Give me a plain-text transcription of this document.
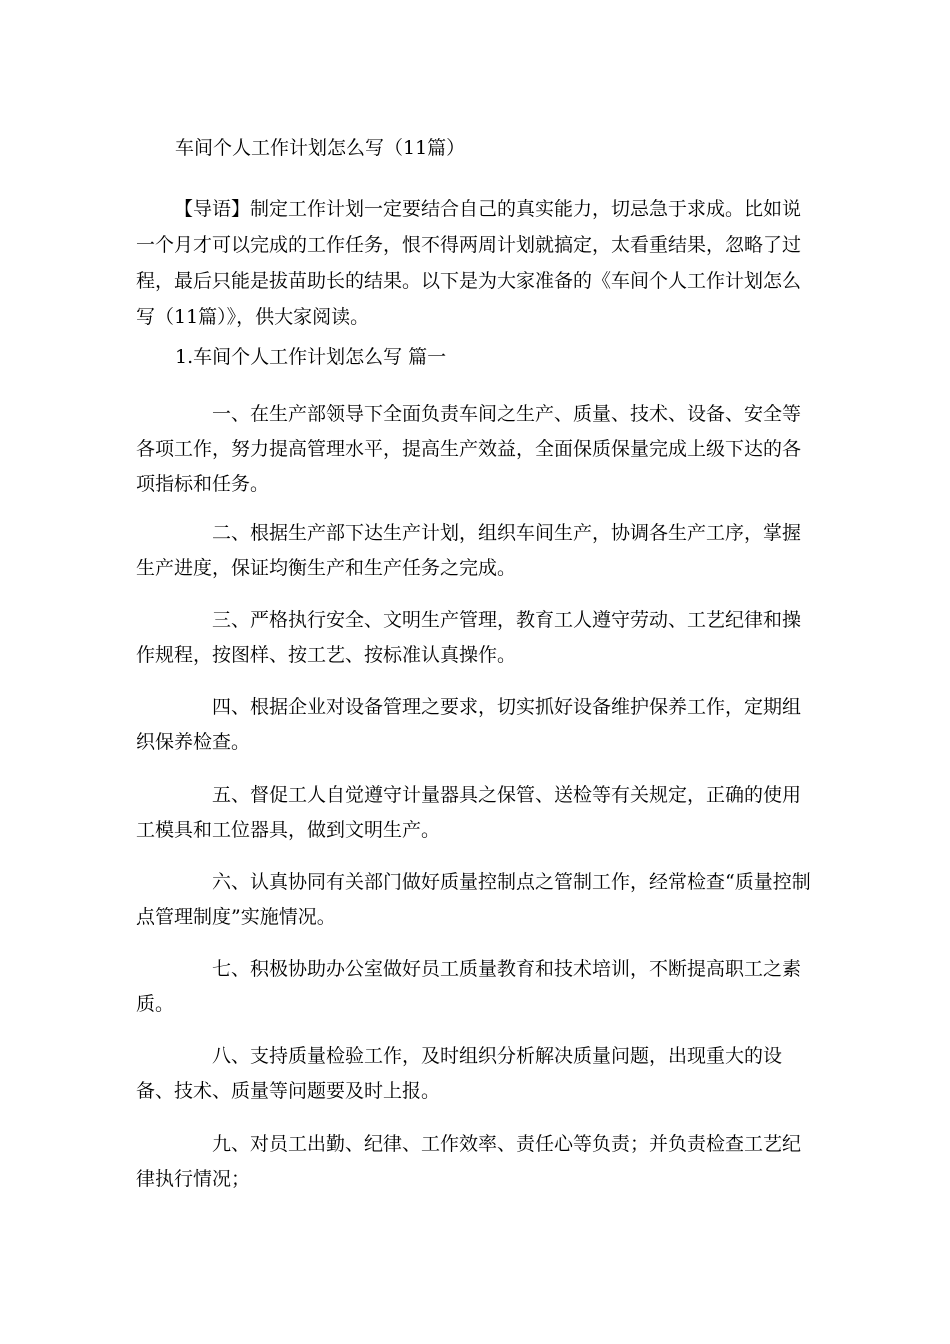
车间个人工作计划怎么写（11篇）

【导语】制定工作计划一定要结合自己的真实能力，切忌急于求成。比如说一个月才可以完成的工作任务，恨不得两周计划就搞定，太看重结果，忽略了过程，最后只能是拔苗助长的结果。以下是为大家准备的《车间个人工作计划怎么写（11篇）》，供大家阅读。

1.车间个人工作计划怎么写 篇一

一、在生产部领导下全面负责车间之生产、质量、技术、设备、安全等各项工作，努力提高管理水平，提高生产效益，全面保质保量完成上级下达的各项指标和任务。

二、根据生产部下达生产计划，组织车间生产，协调各生产工序，掌握生产进度，保证均衡生产和生产任务之完成。

三、严格执行安全、文明生产管理，教育工人遵守劳动、工艺纪律和操作规程，按图样、按工艺、按标准认真操作。

四、根据企业对设备管理之要求，切实抓好设备维护保养工作，定期组织保养检查。

五、督促工人自觉遵守计量器具之保管、送检等有关规定，正确的使用工模具和工位器具，做到文明生产。

六、认真协同有关部门做好质量控制点之管制工作，经常检查“质量控制点管理制度”实施情况。

七、积极协助办公室做好员工质量教育和技术培训，不断提高职工之素质。

八、支持质量检验工作，及时组织分析解决质量问题，出现重大的设备、技术、质量等问题要及时上报。

九、对员工出勤、纪律、工作效率、责任心等负责；并负责检查工艺纪律执行情况；
